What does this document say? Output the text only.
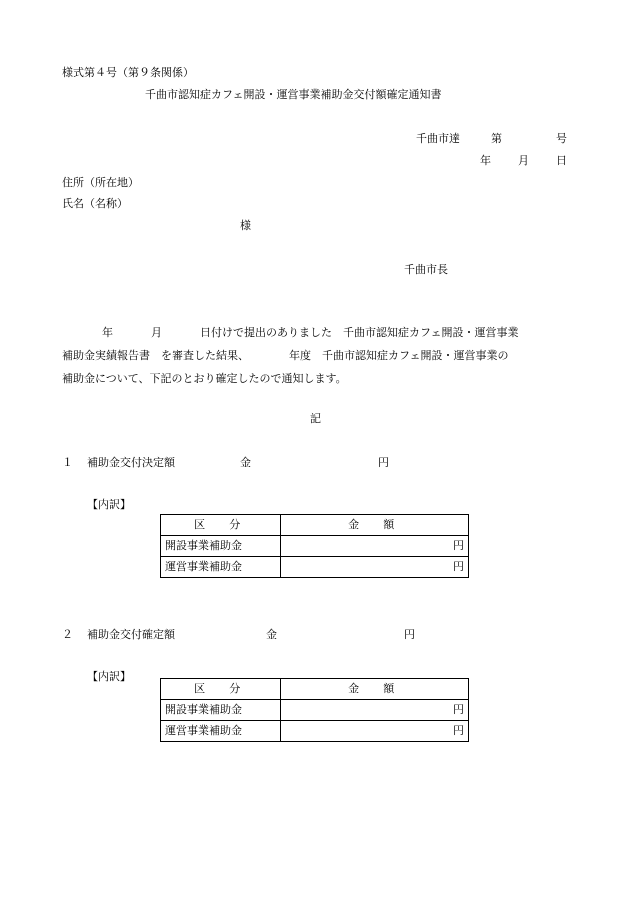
様式第４号（第９条関係）
千曲市認知症カフェ開設・運営事業補助金交付額確定通知書
千曲市達	第	号
年 月 日
住所（所在地）
氏名（名称）
様
千曲市長
年	月	日付けで提出のありました　千曲市認知症カフェ開設・運営事業
補助金実績報告書　を審査した結果、	年度　千曲市認知症カフェ開設・運営事業の
補助金について、下記のとおり確定したので通知します。
記
１ 補助金交付決定額	金	円
【内訳】
区　分	金　額
開設事業補助金	円
運営事業補助金	円
２ 補助金交付確定額	金	円
【内訳】
区　分	金　額
開設事業補助金	円
運営事業補助金	円
